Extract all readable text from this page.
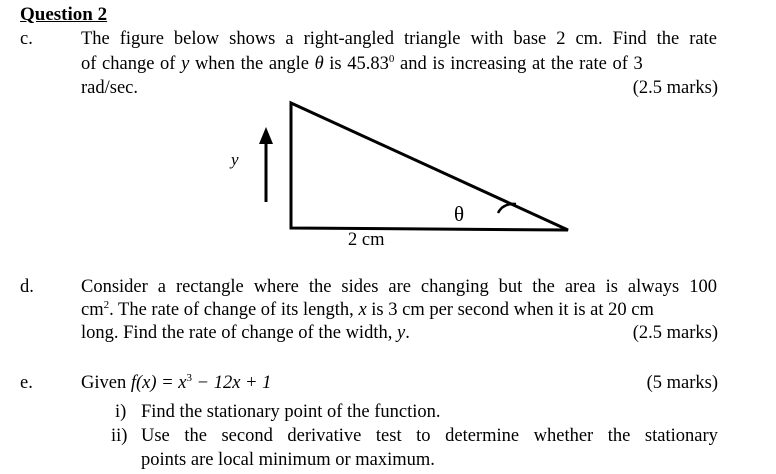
Question 2
c.	The figure below shows a right-angled triangle with base 2 cm. Find the rate
of change of y when the angle θ is 45.83$^0$ and is increasing at the rate of 3
rad/sec.	(2.5 marks)
y
θ
2 cm
d.	Consider a rectangle where the sides are changing but the area is always 100
$cm^2$. The rate of change of its length, x is 3 cm per second when it is at 20 cm
long. Find the rate of change of the width, y.	(2.5 marks)
e.	Given $f(x) = x^3 - 12x + 1$	(5 marks)
i) Find the stationary point of the function.
ii) Use the second derivative test to determine whether the stationary
points are local minimum or maximum.
